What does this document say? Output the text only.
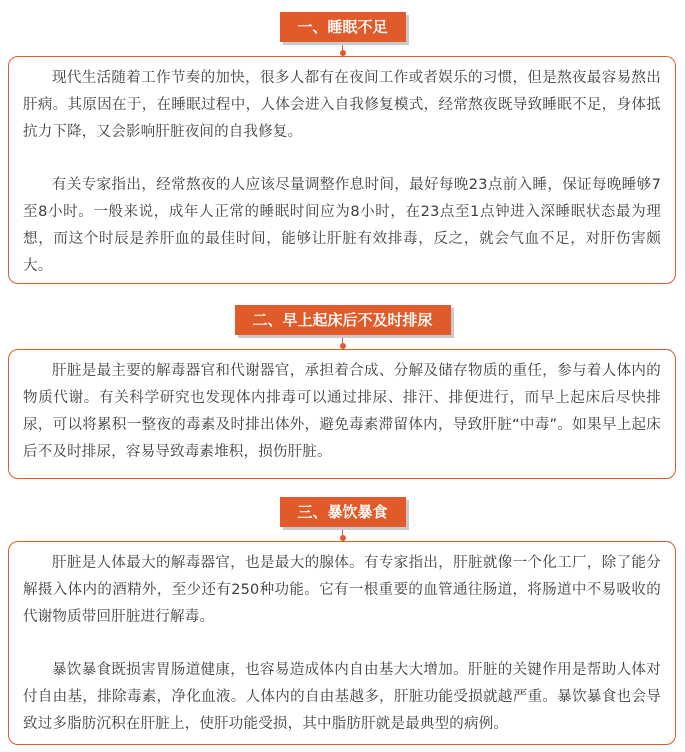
一、睡眠不足

现代生活随着工作节奏的加快，很多人都有在夜间工作或者娱乐的习惯，但是熬夜最容易熬出肝病。其原因在于，在睡眠过程中，人体会进入自我修复模式，经常熬夜既导致睡眠不足，身体抵抗力下降，又会影响肝脏夜间的自我修复。

有关专家指出，经常熬夜的人应该尽量调整作息时间，最好每晚23点前入睡，保证每晚睡够7至8小时。一般来说，成年人正常的睡眠时间应为8小时，在23点至1点钟进入深睡眠状态最为理想，而这个时辰是养肝血的最佳时间，能够让肝脏有效排毒，反之，就会气血不足，对肝伤害颇大。

二、早上起床后不及时排尿

肝脏是最主要的解毒器官和代谢器官，承担着合成、分解及储存物质的重任，参与着人体内的物质代谢。有关科学研究也发现体内排毒可以通过排尿、排汗、排便进行，而早上起床后尽快排尿，可以将累积一整夜的毒素及时排出体外，避免毒素滞留体内，导致肝脏“中毒”。如果早上起床后不及时排尿，容易导致毒素堆积，损伤肝脏。

三、暴饮暴食

肝脏是人体最大的解毒器官，也是最大的腺体。有专家指出，肝脏就像一个化工厂，除了能分解摄入体内的酒精外，至少还有250种功能。它有一根重要的血管通往肠道，将肠道中不易吸收的代谢物质带回肝脏进行解毒。

暴饮暴食既损害胃肠道健康，也容易造成体内自由基大大增加。肝脏的关键作用是帮助人体对付自由基，排除毒素，净化血液。人体内的自由基越多，肝脏功能受损就越严重。暴饮暴食也会导致过多脂肪沉积在肝脏上，使肝功能受损，其中脂肪肝就是最典型的病例。
